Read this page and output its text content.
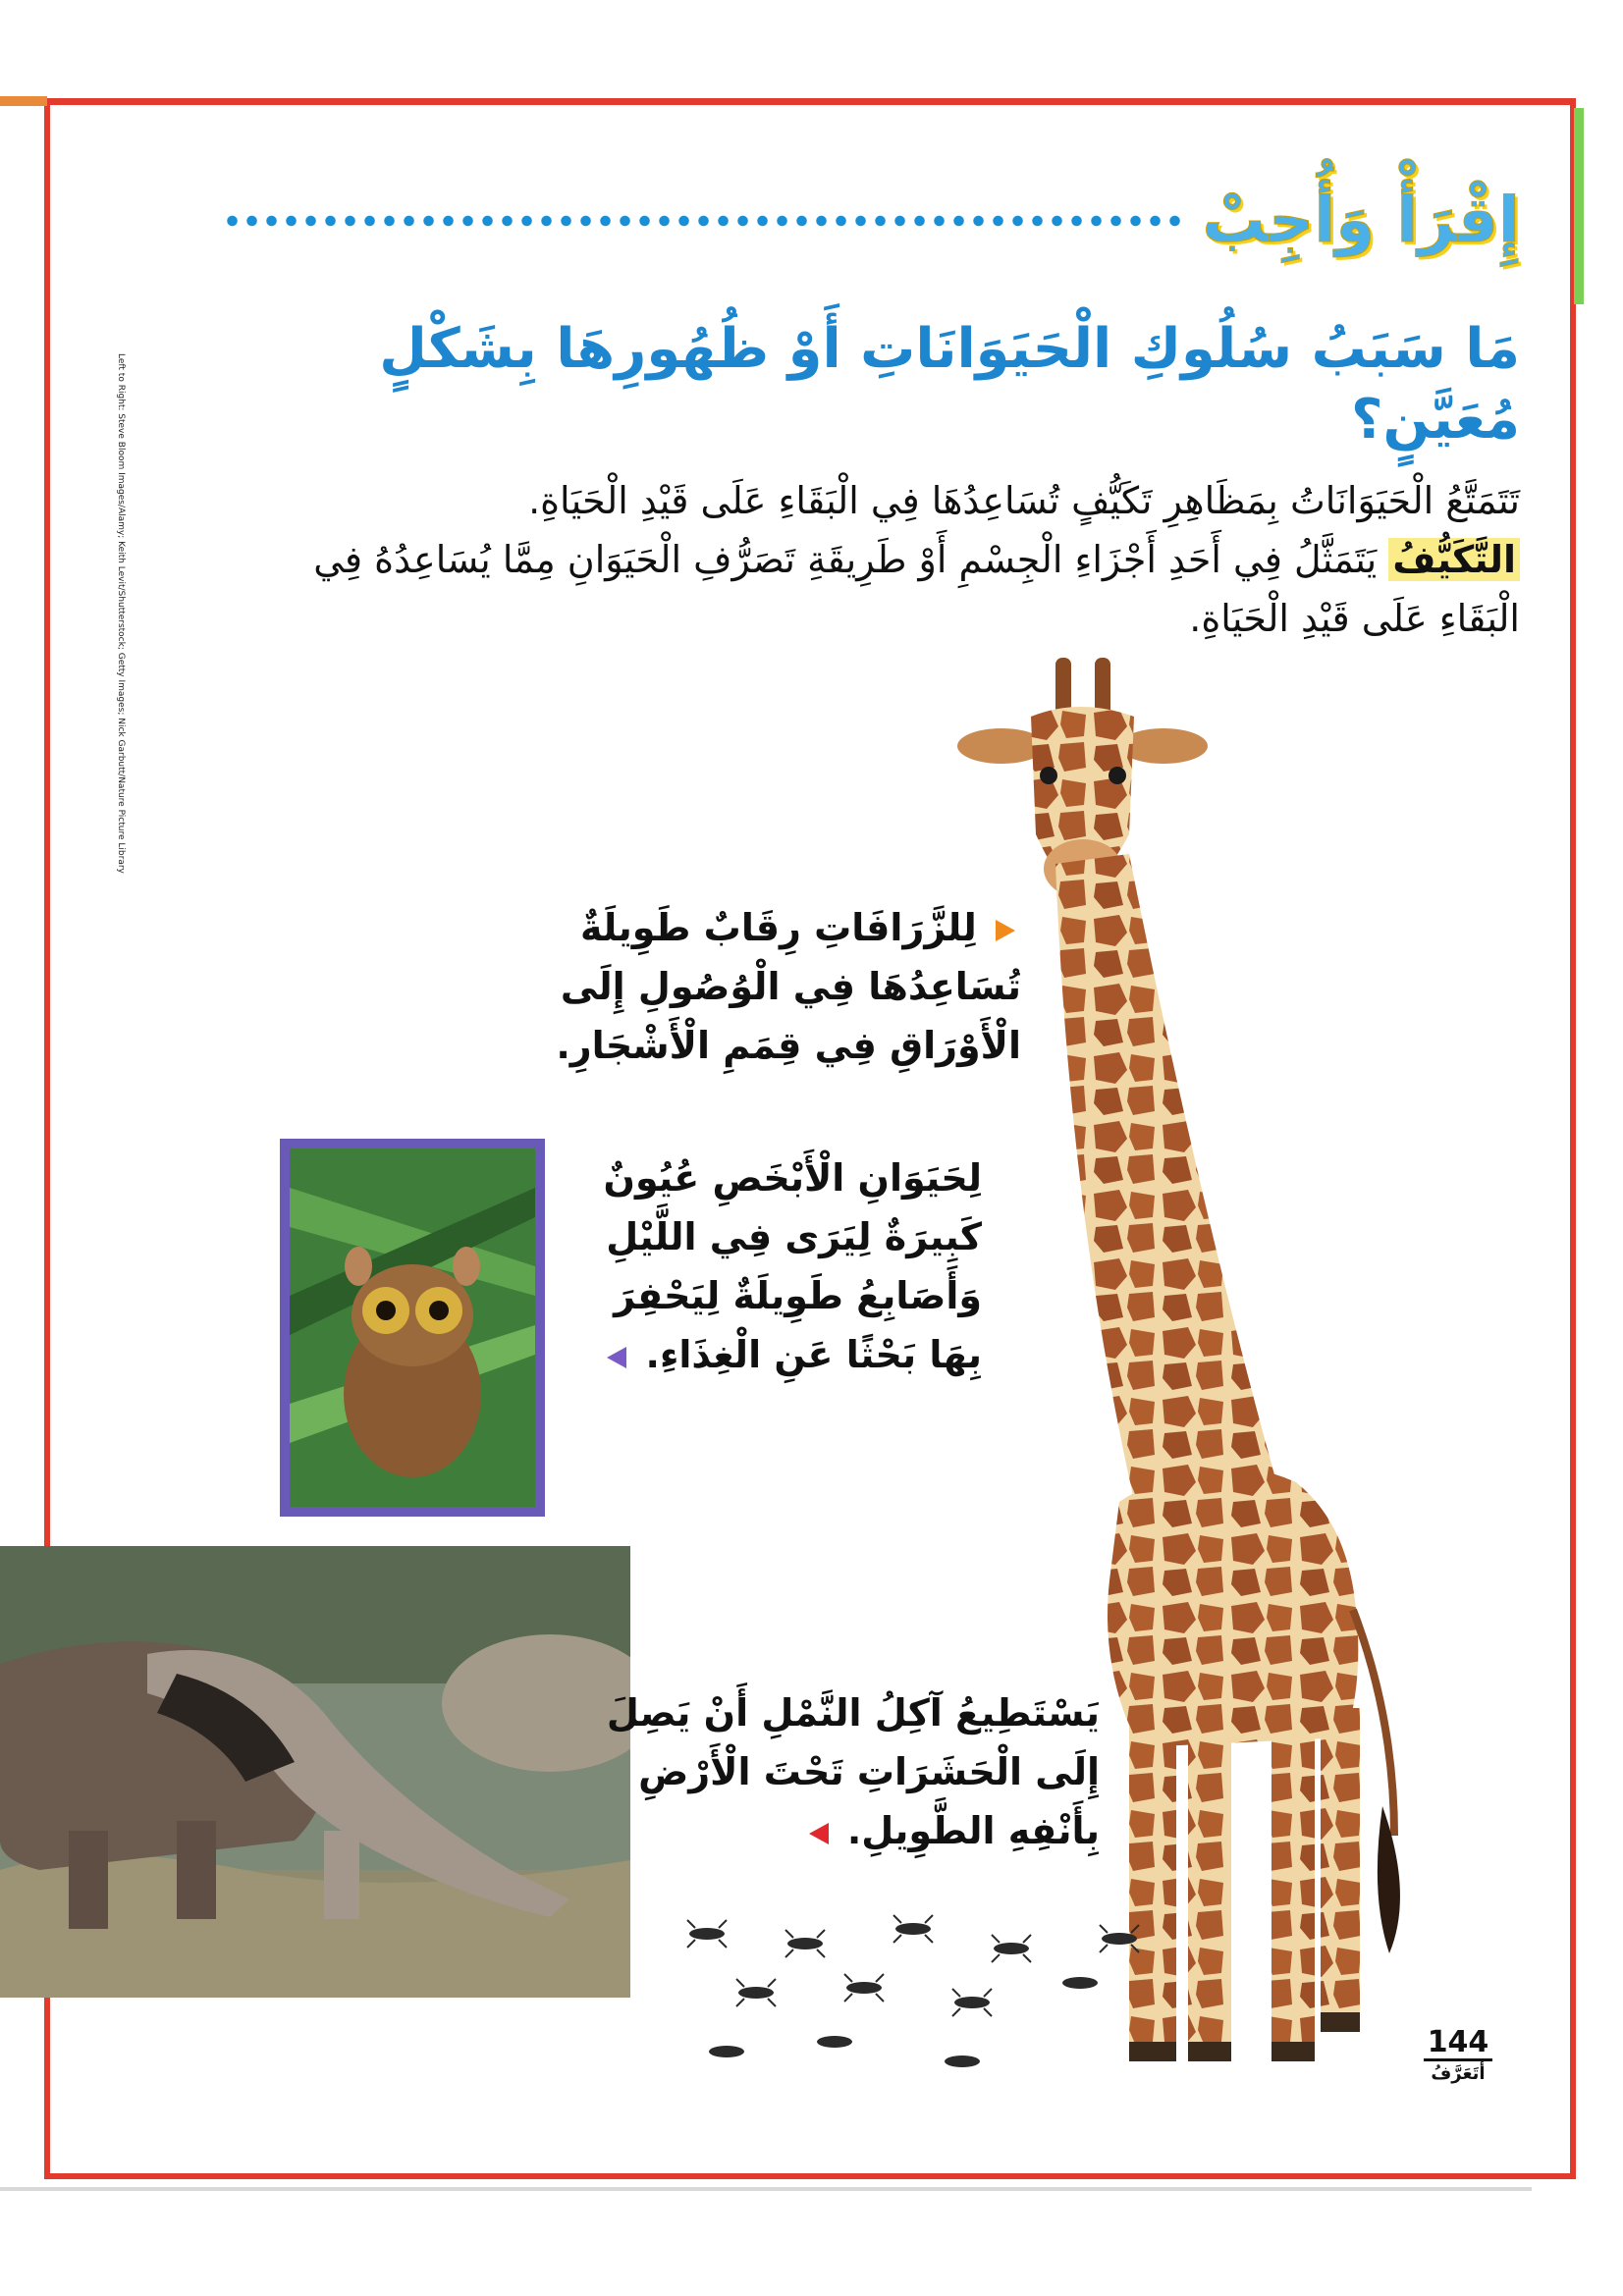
Left to Right: Steve Bloom Images/Alamy; Keith Levit/Shutterstock; Getty Images; Nick Garbutt/Nature Picture Library
إِقْرَأْ وَأُجِبْ
مَا سَبَبُ سُلُوكِ الْحَيَوَانَاتِ أَوْ ظُهُورِهَا بِشَكْلٍ مُعَيَّنٍ؟
تَتَمَتَّعُ الْحَيَوَانَاتُ بِمَظَاهِرِ تَكَيُّفٍ تُسَاعِدُهَا فِي الْبَقَاءِ عَلَى قَيْدِ الْحَيَاةِ.
التَّكَيُّفُ يَتَمَثَّلُ فِي أَحَدِ أَجْزَاءِ الْجِسْمِ أَوْ طَرِيقَةِ تَصَرُّفِ الْحَيَوَانِ مِمَّا يُسَاعِدُهُ فِي الْبَقَاءِ عَلَى قَيْدِ الْحَيَاةِ.
لِلزَّرَافَاتِ رِقَابٌ طَوِيلَةٌ تُسَاعِدُهَا فِي الْوُصُولِ إِلَى الْأَوْرَاقِ فِي قِمَمِ الْأَشْجَارِ.
لِحَيَوَانِ الْأَبْخَصِ عُيُونٌ كَبِيرَةٌ لِيَرَى فِي اللَّيْلِ وَأَصَابِعُ طَوِيلَةٌ لِيَحْفِرَ بِهَا بَحْثًا عَنِ الْغِذَاءِ.
يَسْتَطِيعُ آكِلُ النَّمْلِ أَنْ يَصِلَ إِلَى الْحَشَرَاتِ تَحْتَ الْأَرْضِ بِأَنْفِهِ الطَّوِيلِ.
144
أَتَعَرَّفُ
